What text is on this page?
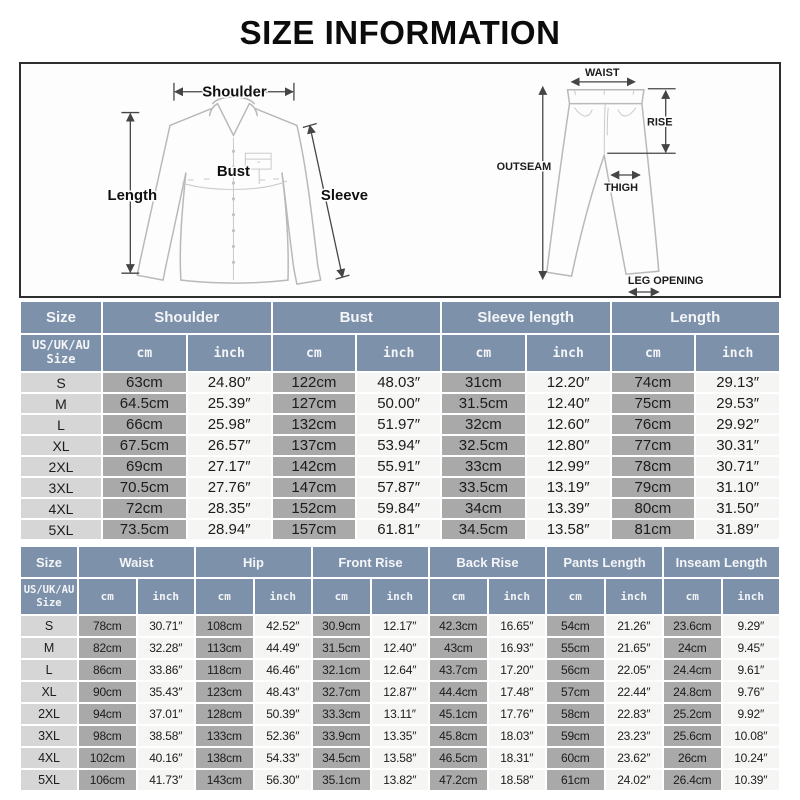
SIZE INFORMATION
Shoulder
Length
Bust
Sleeve
WAIST
RISE
OUTSEAM
THIGH
LEG OPENING
Size	Shoulder		Bust		Sleeve length		Length	
US/UK/AU Size	cm	inch	cm	inch	cm	inch	cm	inch
S	63cm	24.80″	122cm	48.03″	31cm	12.20″	74cm	29.13″
M	64.5cm	25.39″	127cm	50.00″	31.5cm	12.40″	75cm	29.53″
L	66cm	25.98″	132cm	51.97″	32cm	12.60″	76cm	29.92″
XL	67.5cm	26.57″	137cm	53.94″	32.5cm	12.80″	77cm	30.31″
2XL	69cm	27.17″	142cm	55.91″	33cm	12.99″	78cm	30.71″
3XL	70.5cm	27.76″	147cm	57.87″	33.5cm	13.19″	79cm	31.10″
4XL	72cm	28.35″	152cm	59.84″	34cm	13.39″	80cm	31.50″
5XL	73.5cm	28.94″	157cm	61.81″	34.5cm	13.58″	81cm	31.89″
Size	Waist		Hip		Front Rise		Back Rise		Pants Length		Inseam Length	
US/UK/AU Size	cm	inch	cm	inch	cm	inch	cm	inch	cm	inch	cm	inch
S	78cm	30.71″	108cm	42.52″	30.9cm	12.17″	42.3cm	16.65″	54cm	21.26″	23.6cm	9.29″
M	82cm	32.28″	113cm	44.49″	31.5cm	12.40″	43cm	16.93″	55cm	21.65″	24cm	9.45″
L	86cm	33.86″	118cm	46.46″	32.1cm	12.64″	43.7cm	17.20″	56cm	22.05″	24.4cm	9.61″
XL	90cm	35.43″	123cm	48.43″	32.7cm	12.87″	44.4cm	17.48″	57cm	22.44″	24.8cm	9.76″
2XL	94cm	37.01″	128cm	50.39″	33.3cm	13.11″	45.1cm	17.76″	58cm	22.83″	25.2cm	9.92″
3XL	98cm	38.58″	133cm	52.36″	33.9cm	13.35″	45.8cm	18.03″	59cm	23.23″	25.6cm	10.08″
4XL	102cm	40.16″	138cm	54.33″	34.5cm	13.58″	46.5cm	18.31″	60cm	23.62″	26cm	10.24″
5XL	106cm	41.73″	143cm	56.30″	35.1cm	13.82″	47.2cm	18.58″	61cm	24.02″	26.4cm	10.39″
